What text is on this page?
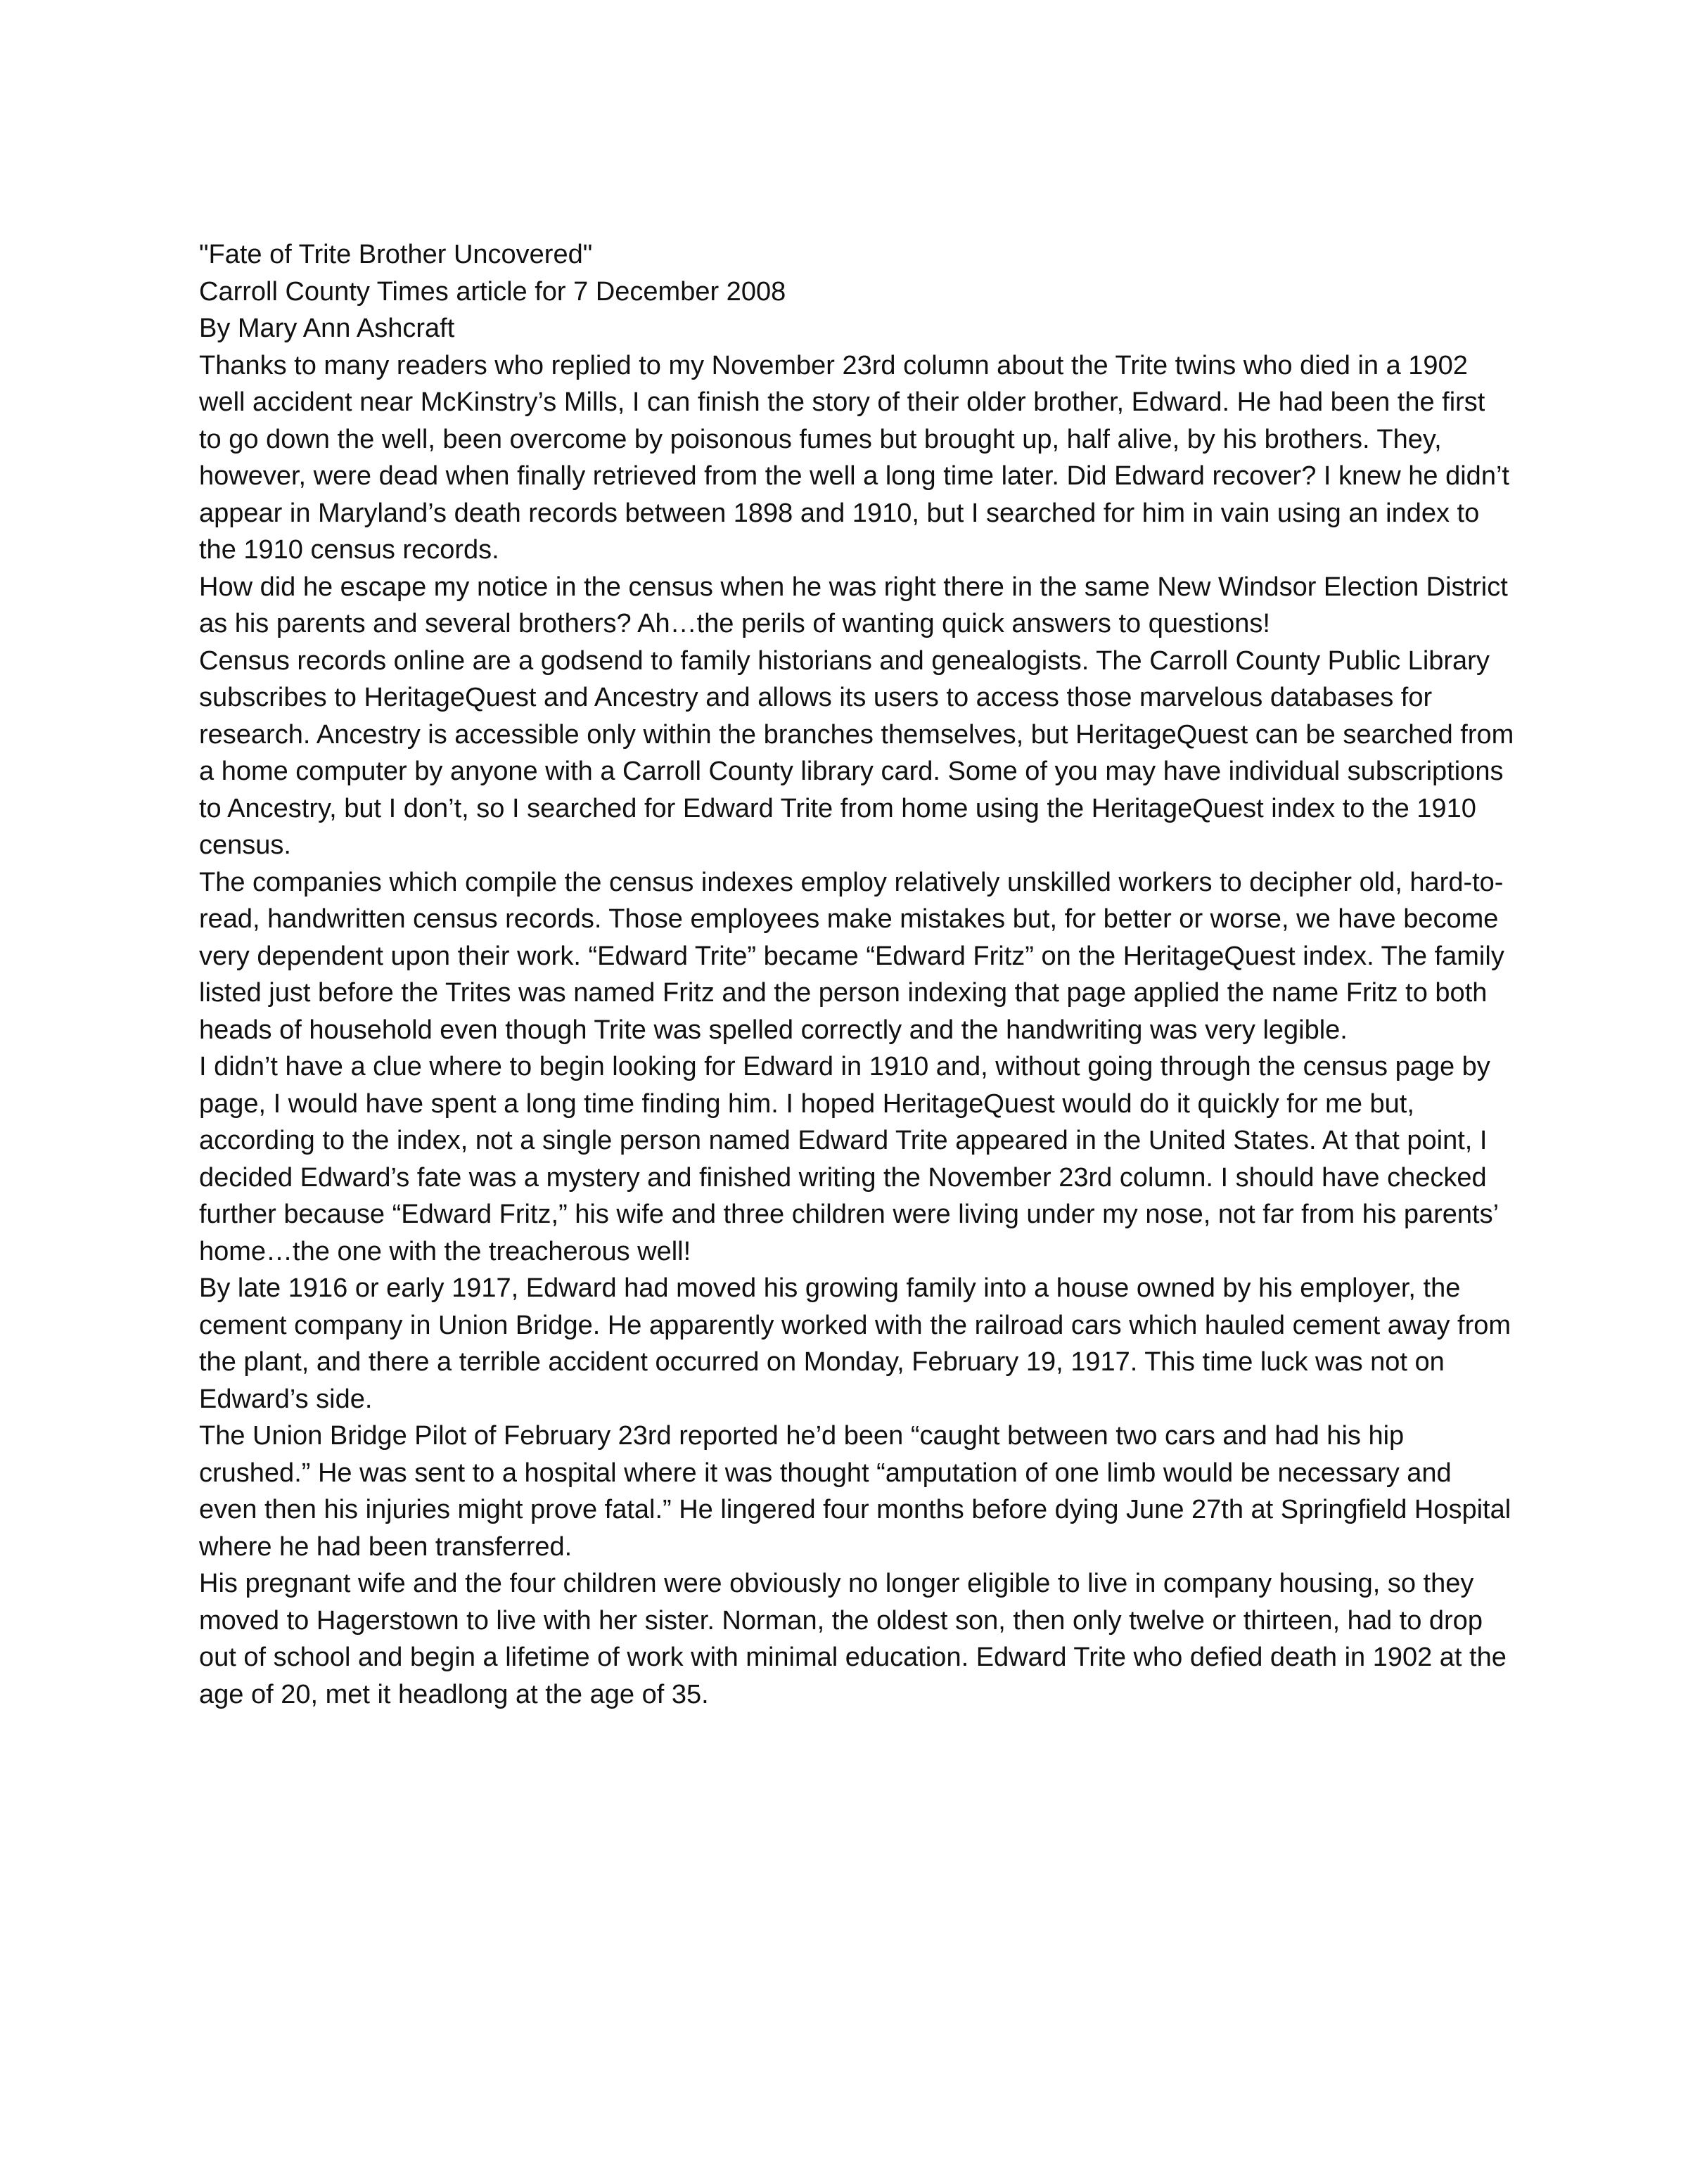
"Fate of Trite Brother Uncovered"

Carroll County Times article for 7 December 2008

By Mary Ann Ashcraft

Thanks to many readers who replied to my November 23rd column about the Trite twins who died in a 1902 well accident near McKinstry’s Mills, I can finish the story of their older brother, Edward. He had been the first to go down the well, been overcome by poisonous fumes but brought up, half alive, by his brothers. They, however, were dead when finally retrieved from the well a long time later. Did Edward recover? I knew he didn’t appear in Maryland’s death records between 1898 and 1910, but I searched for him in vain using an index to the 1910 census records.

How did he escape my notice in the census when he was right there in the same New Windsor Election District as his parents and several brothers? Ah…the perils of wanting quick answers to questions!

Census records online are a godsend to family historians and genealogists. The Carroll County Public Library subscribes to HeritageQuest and Ancestry and allows its users to access those marvelous databases for research. Ancestry is accessible only within the branches themselves, but HeritageQuest can be searched from a home computer by anyone with a Carroll County library card. Some of you may have individual subscriptions to Ancestry, but I don’t, so I searched for Edward Trite from home using the HeritageQuest index to the 1910 census.

The companies which compile the census indexes employ relatively unskilled workers to decipher old, hard-to-read, handwritten census records. Those employees make mistakes but, for better or worse, we have become very dependent upon their work. “Edward Trite” became “Edward Fritz” on the HeritageQuest index. The family listed just before the Trites was named Fritz and the person indexing that page applied the name Fritz to both heads of household even though Trite was spelled correctly and the handwriting was very legible.

I didn’t have a clue where to begin looking for Edward in 1910 and, without going through the census page by page, I would have spent a long time finding him. I hoped HeritageQuest would do it quickly for me but, according to the index, not a single person named Edward Trite appeared in the United States. At that point, I decided Edward’s fate was a mystery and finished writing the November 23rd column. I should have checked further because “Edward Fritz,” his wife and three children were living under my nose, not far from his parents’ home…the one with the treacherous well!

By late 1916 or early 1917, Edward had moved his growing family into a house owned by his employer, the cement company in Union Bridge. He apparently worked with the railroad cars which hauled cement away from the plant, and there a terrible accident occurred on Monday, February 19, 1917. This time luck was not on Edward’s side.

The Union Bridge Pilot of February 23rd reported he’d been “caught between two cars and had his hip crushed.” He was sent to a hospital where it was thought “amputation of one limb would be necessary and even then his injuries might prove fatal.” He lingered four months before dying June 27th at Springfield Hospital where he had been transferred.

His pregnant wife and the four children were obviously no longer eligible to live in company housing, so they moved to Hagerstown to live with her sister. Norman, the oldest son, then only twelve or thirteen, had to drop out of school and begin a lifetime of work with minimal education. Edward Trite who defied death in 1902 at the age of 20, met it headlong at the age of 35.
